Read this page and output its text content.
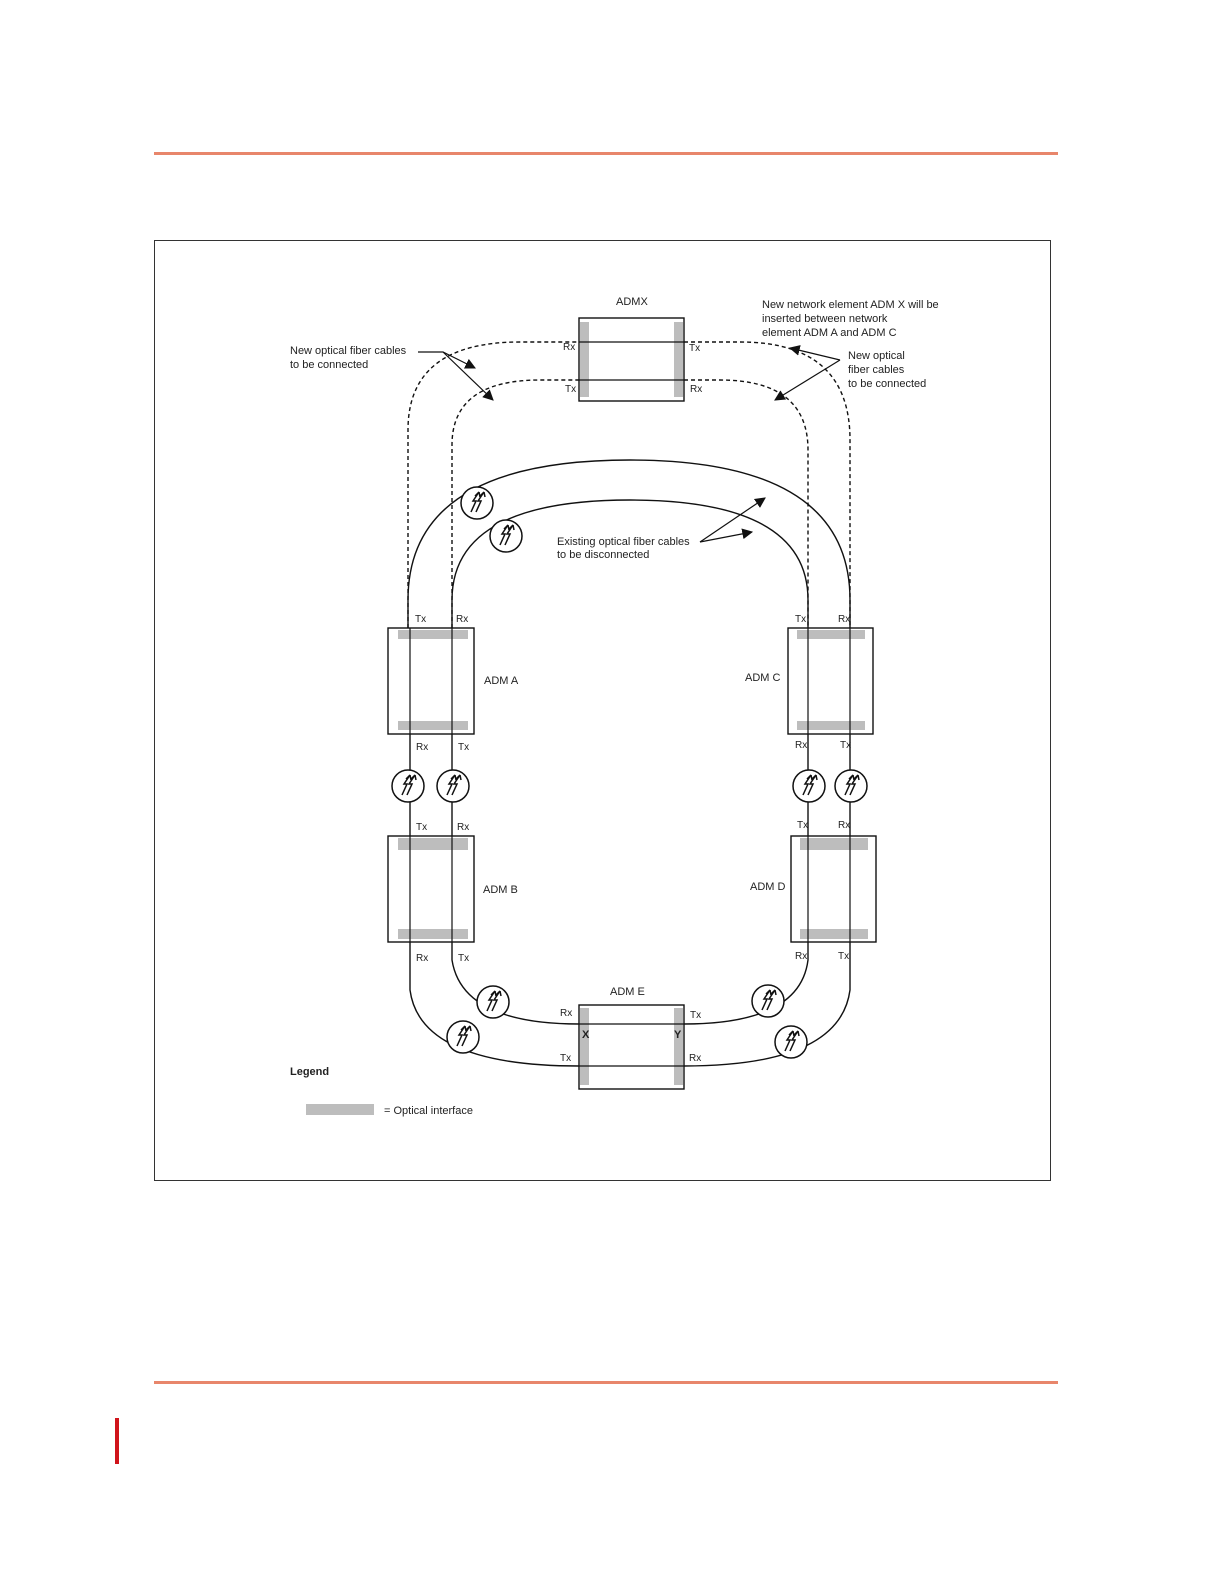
ADMX
Rx	Tx
Tx	Rx
ADM A
Tx	Rx
Rx	Tx
ADM B
Tx	Rx
Rx	Tx
ADM C
Tx	Rx
Rx	Tx
ADM D
Tx	Rx
Rx	Tx
ADM E
Rx	Tx
Tx	Rx
X	Y
New optical fiber cables
to be connected
New network element ADM X will be
inserted between network
element ADM A and ADM C
New optical
fiber cables
to be connected
Existing optical fiber cables
to be disconnected
Legend
= Optical interface
